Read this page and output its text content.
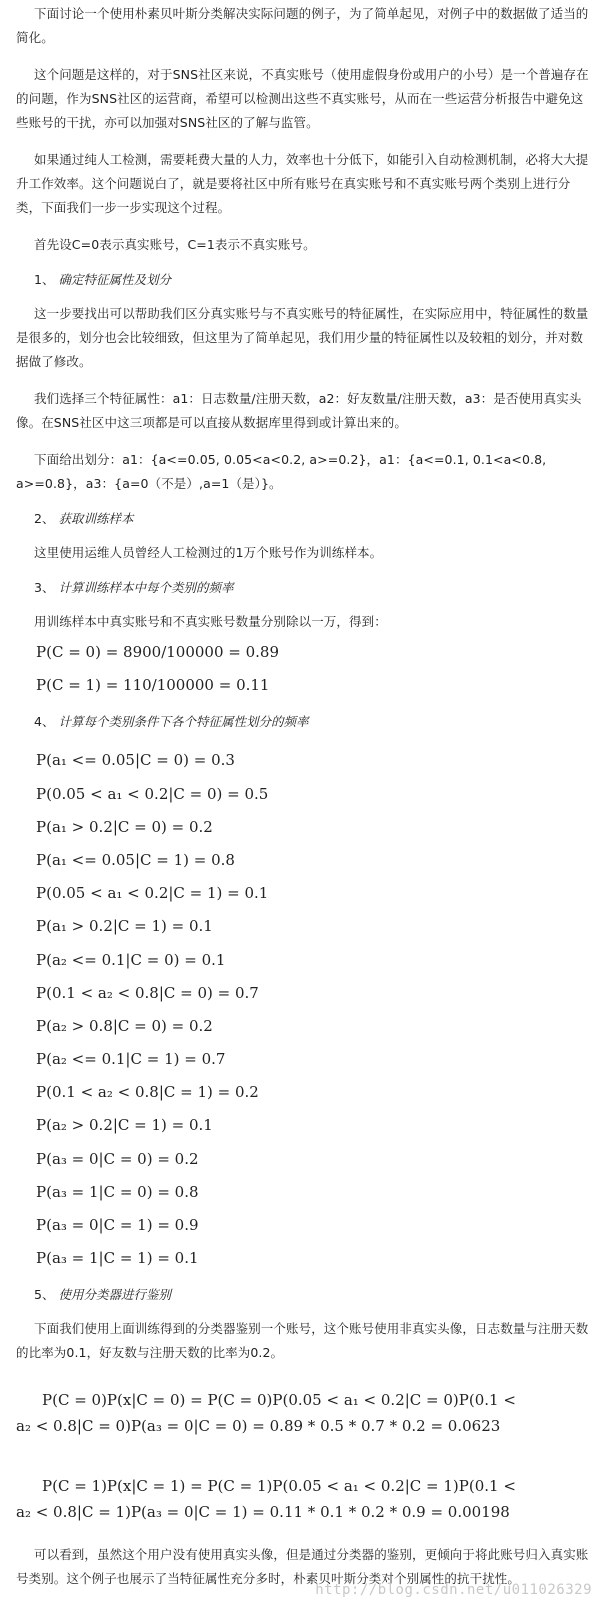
下面讨论一个使用朴素贝叶斯分类解决实际问题的例子，为了简单起见，对例子中的数据做了适当的简化。

这个问题是这样的，对于SNS社区来说，不真实账号（使用虚假身份或用户的小号）是一个普遍存在的问题，作为SNS社区的运营商，希望可以检测出这些不真实账号，从而在一些运营分析报告中避免这些账号的干扰，亦可以加强对SNS社区的了解与监管。

如果通过纯人工检测，需要耗费大量的人力，效率也十分低下，如能引入自动检测机制，必将大大提升工作效率。这个问题说白了，就是要将社区中所有账号在真实账号和不真实账号两个类别上进行分类，下面我们一步一步实现这个过程。

首先设C=0表示真实账号，C=1表示不真实账号。

1、 确定特征属性及划分

这一步要找出可以帮助我们区分真实账号与不真实账号的特征属性，在实际应用中，特征属性的数量是很多的，划分也会比较细致，但这里为了简单起见，我们用少量的特征属性以及较粗的划分，并对数据做了修改。

我们选择三个特征属性：a1：日志数量/注册天数，a2：好友数量/注册天数，a3：是否使用真实头像。在SNS社区中这三项都是可以直接从数据库里得到或计算出来的。

下面给出划分：a1：{a<=0.05, 0.05<a<0.2, a>=0.2}，a1：{a<=0.1, 0.1<a<0.8, a>=0.8}，a3：{a=0（不是）,a=1（是）}。

2、 获取训练样本

这里使用运维人员曾经人工检测过的1万个账号作为训练样本。

3、 计算训练样本中每个类别的频率

用训练样本中真实账号和不真实账号数量分别除以一万，得到：

P(C = 0) = 8900/100000 = 0.89
P(C = 1) = 110/100000 = 0.11
4、 计算每个类别条件下各个特征属性划分的频率
P(a₁ <= 0.05|C = 0) = 0.3
P(0.05 < a₁ < 0.2|C = 0) = 0.5
P(a₁ > 0.2|C = 0) = 0.2
P(a₁ <= 0.05|C = 1) = 0.8
P(0.05 < a₁ < 0.2|C = 1) = 0.1
P(a₁ > 0.2|C = 1) = 0.1
P(a₂ <= 0.1|C = 0) = 0.1
P(0.1 < a₂ < 0.8|C = 0) = 0.7
P(a₂ > 0.8|C = 0) = 0.2
P(a₂ <= 0.1|C = 1) = 0.7
P(0.1 < a₂ < 0.8|C = 1) = 0.2
P(a₂ > 0.2|C = 1) = 0.1
P(a₃ = 0|C = 0) = 0.2
P(a₃ = 1|C = 0) = 0.8
P(a₃ = 0|C = 1) = 0.9
P(a₃ = 1|C = 1) = 0.1
5、 使用分类器进行鉴别

下面我们使用上面训练得到的分类器鉴别一个账号，这个账号使用非真实头像，日志数量与注册天数的比率为0.1，好友数与注册天数的比率为0.2。

P(C = 0)P(x|C = 0) = P(C = 0)P(0.05 < a₁ < 0.2|C = 0)P(0.1 <
a₂ < 0.8|C = 0)P(a₃ = 0|C = 0) = 0.89 * 0.5 * 0.7 * 0.2 = 0.0623
P(C = 1)P(x|C = 1) = P(C = 1)P(0.05 < a₁ < 0.2|C = 1)P(0.1 <
a₂ < 0.8|C = 1)P(a₃ = 0|C = 1) = 0.11 * 0.1 * 0.2 * 0.9 = 0.00198

可以看到，虽然这个用户没有使用真实头像，但是通过分类器的鉴别，更倾向于将此账号归入真实账号类别。这个例子也展示了当特征属性充分多时，朴素贝叶斯分类对个别属性的抗干扰性。

http://blog.csdn.net/u011026329
